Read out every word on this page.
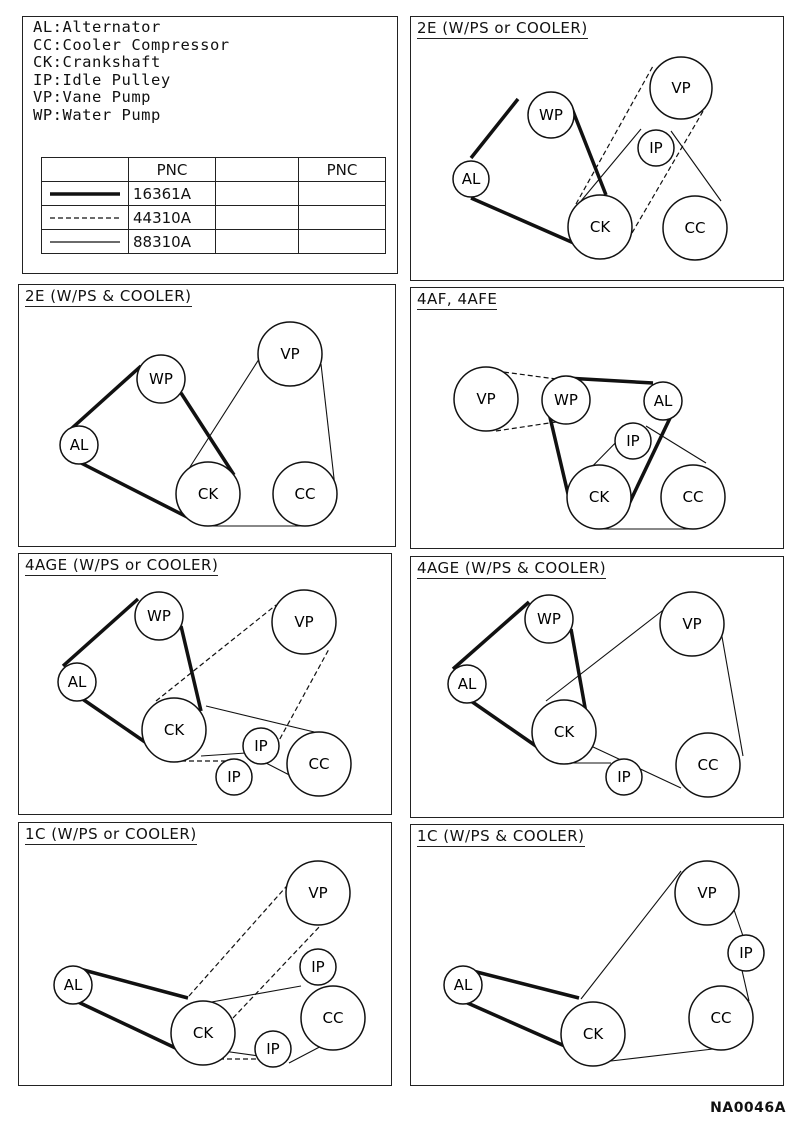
AL:Alternator
CC:Cooler Compressor
CK:Crankshaft
IP:Idle Pulley
VP:Vane Pump
WP:Water Pump
	PNC		PNC
	16361A		
	44310A		
	88310A		
WP
AL
VP
IP
CK	CC
2E (W/PS or COOLER)
WP
AL
VP
CK	CC
2E (W/PS & COOLER)
VP	WP	AL
IP
CK	CC
4AF, 4AFE
WP
AL
VP
CK
IP
IP
CC
4AGE (W/PS or COOLER)
WP
AL
VP
CK
IP
CC
4AGE (W/PS & COOLER)
VP
IP
AL
CC
CK
IP
1C (W/PS or COOLER)
VP
IP
AL
CC
CK
1C (W/PS & COOLER)
NA0046A
